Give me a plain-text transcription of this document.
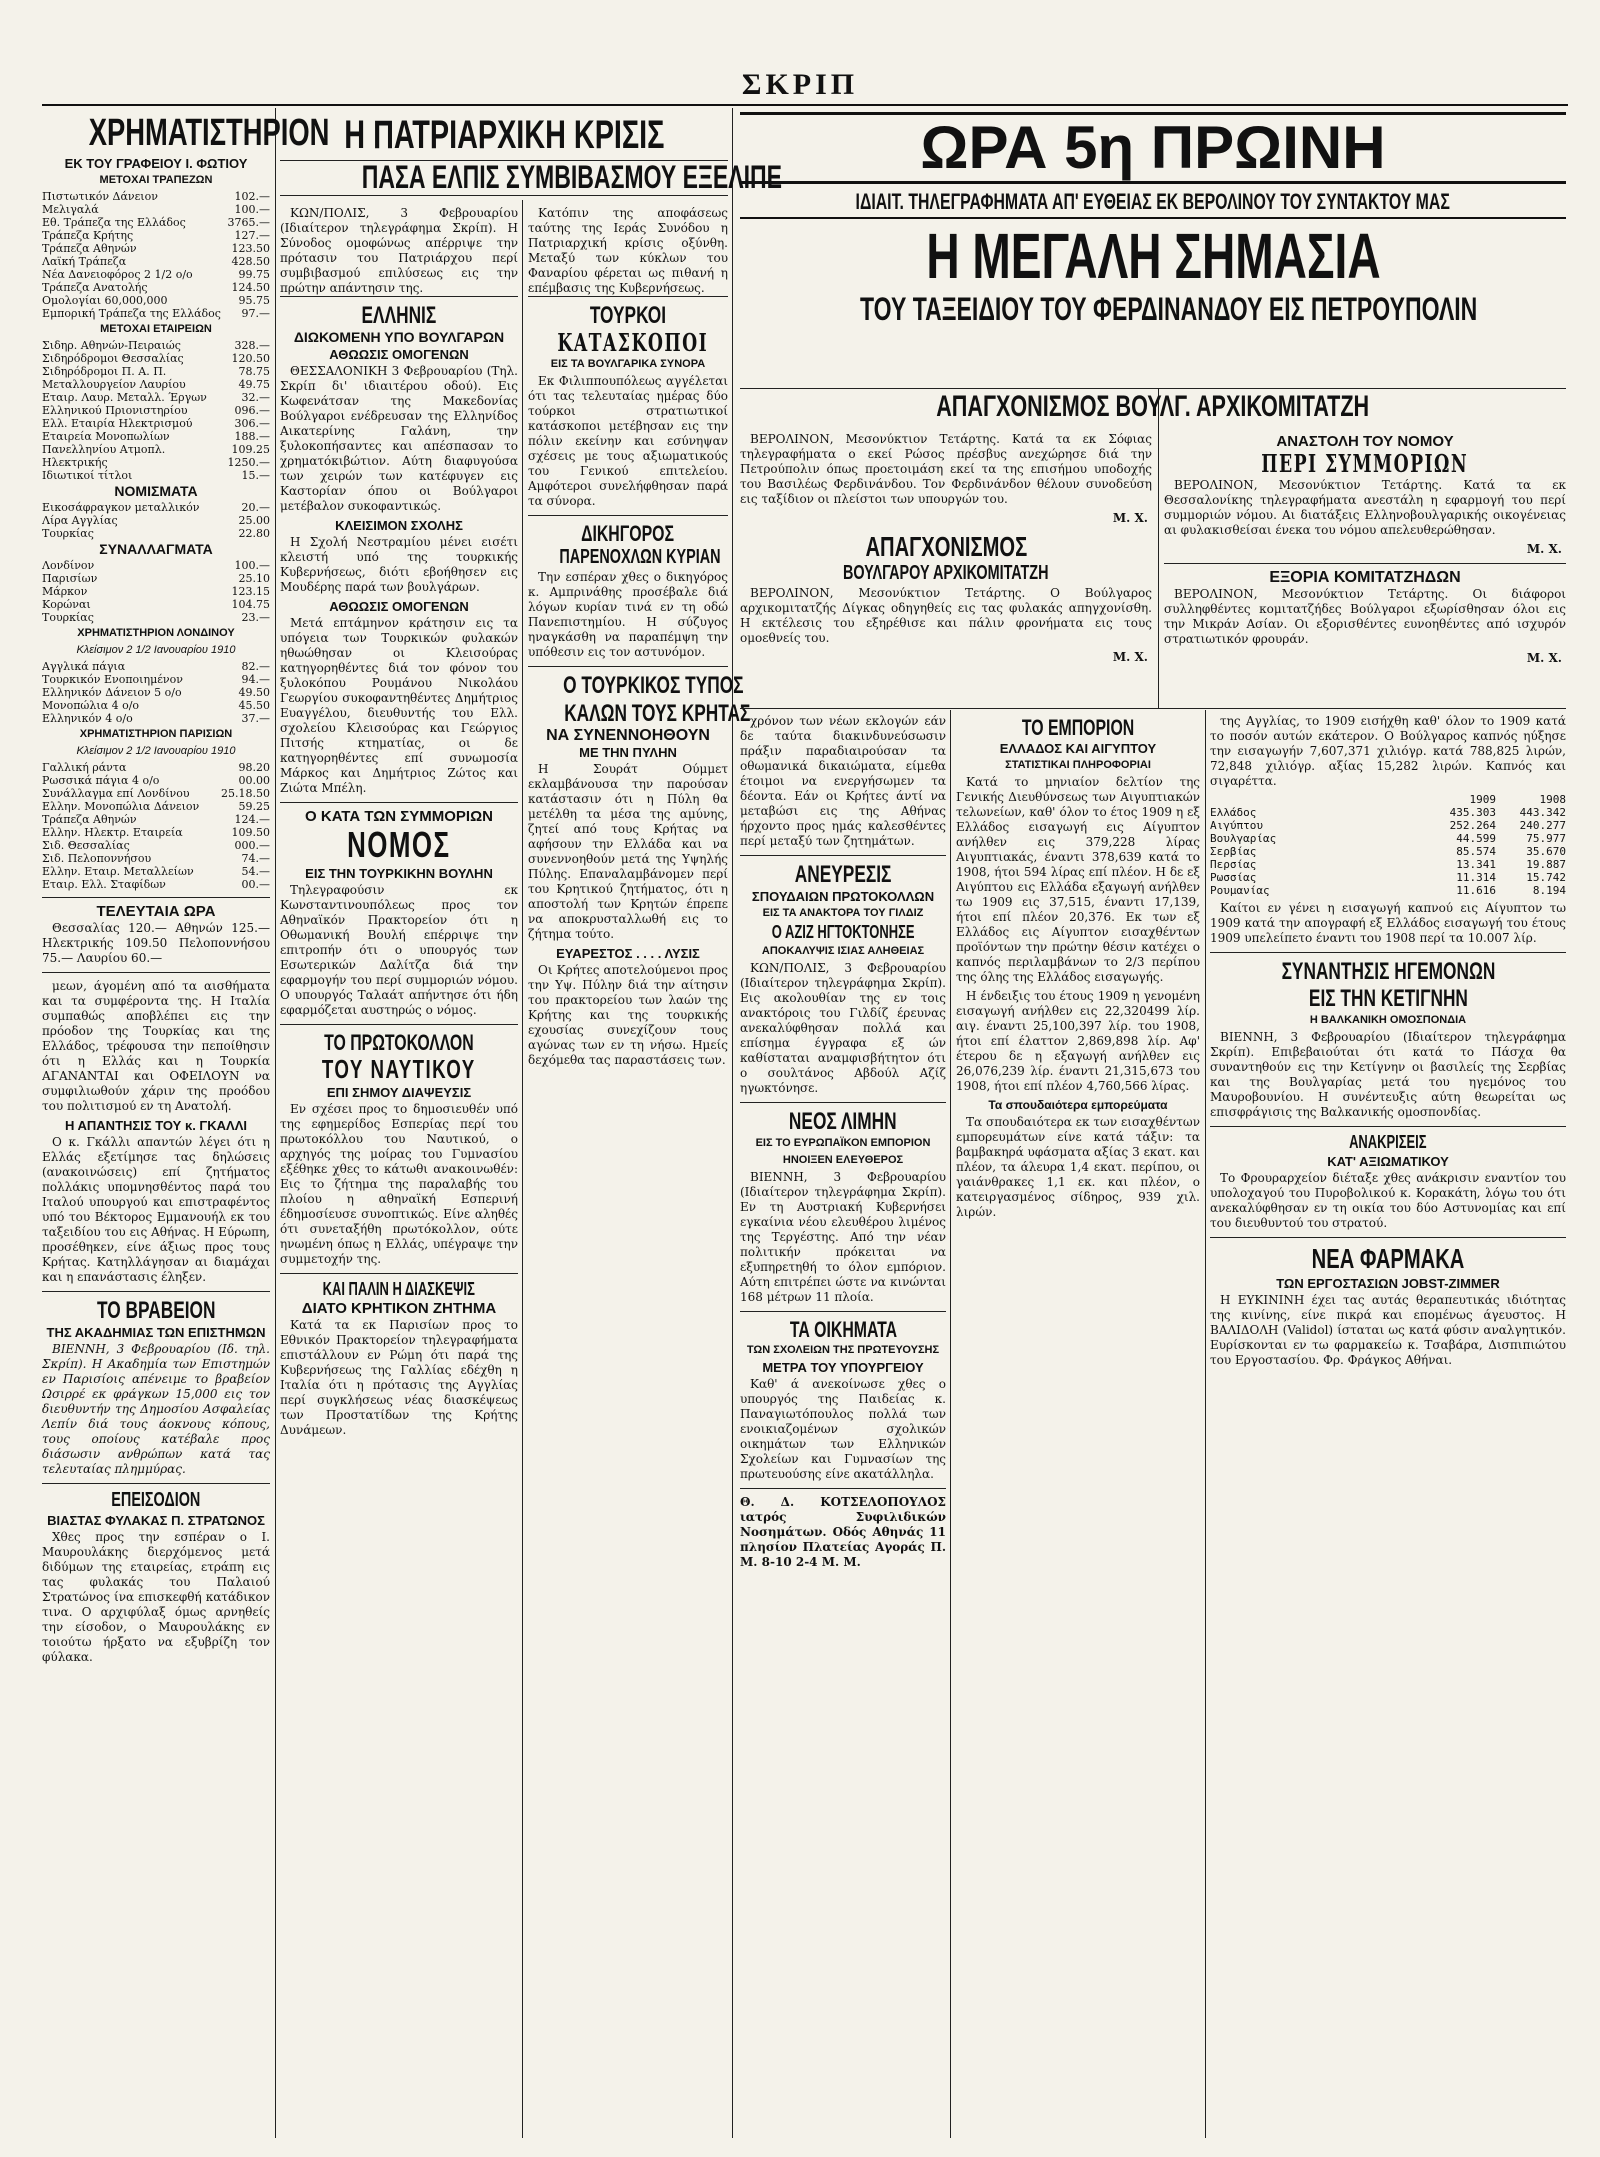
ΣΚΡΙΠ
ΧΡΗΜΑΤΙΣΤΗΡΙΟΝ
ΕΚ ΤΟΥ ΓΡΑΦΕΙΟΥ Ι. ΦΩΤΙΟΥ
ΜΕΤΟΧΑΙ ΤΡΑΠΕΖΩΝ
Πιστωτικόν Δάνειον	102.—
Μελιγαλά	100.—
Εθ. Τράπεζα της Ελλάδος	3765.—
Τράπεζα Κρήτης	127.—
Τράπεζα Αθηνών	123.50
Λαϊκή Τράπεζα	428.50
Νέα Δανειοφόρος 2 1/2 ο/ο	99.75
Τράπεζα Ανατολής	124.50
Ομολογίαι 60,000,000	95.75
Εμπορική Τράπεζα της Ελλάδος	97.—
ΜΕΤΟΧΑΙ ΕΤΑΙΡΕΙΩΝ
Σιδηρ. Αθηνών-Πειραιώς	328.—
Σιδηρόδρομοι Θεσσαλίας	120.50
Σιδηρόδρομοι Π. Α. Π.	78.75
Μεταλλουργείον Λαυρίου	49.75
Εταιρ. Λαυρ. Μεταλλ. Έργων	32.—
Ελληνικού Πριονιστηρίου	096.—
Ελλ. Εταιρία Ηλεκτρισμού	306.—
Εταιρεία Μονοπωλίων	188.—
Πανελληνίου Ατμοπλ.	109.25
Ηλεκτρικής	1250.—
Ιδιωτικοί τίτλοι	15.—
ΝΟΜΙΣΜΑΤΑ
Εικοσάφραγκον μεταλλικόν	20.—
Λίρα Αγγλίας	25.00
Τουρκίας	22.80
ΣΥΝΑΛΛΑΓΜΑΤΑ
Λονδίνον	100.—
Παρισίων	25.10
Μάρκον	123.15
Κορώναι	104.75
Τουρκίας	23.—
ΧΡΗΜΑΤΙΣΤΗΡΙΟΝ ΛΟΝΔΙΝΟΥ
Κλείσιμον 2 1/2 Ιανουαρίου 1910
Αγγλικά πάγια	82.—
Τουρκικόν Ενοποιημένον	94.—
Ελληνικόν Δάνειον 5 ο/ο	49.50
Μονοπώλια 4 ο/ο	45.50
Ελληνικόν 4 ο/ο	37.—
ΧΡΗΜΑΤΙΣΤΗΡΙΟΝ ΠΑΡΙΣΙΩΝ
Κλείσιμον 2 1/2 Ιανουαρίου 1910
Γαλλική ράντα	98.20
Ρωσσικά πάγια 4 ο/ο	00.00
Συνάλλαγμα επί Λονδίνου	25.18.50
Ελλην. Μονοπώλια Δάνειον	59.25
Τράπεζα Αθηνών	124.—
Ελλην. Ηλεκτρ. Εταιρεία	109.50
Σιδ. Θεσσαλίας	000.—
Σιδ. Πελοποννήσου	74.—
Ελλην. Εταιρ. Μεταλλείων	54.—
Εταιρ. Ελλ. Σταφίδων	00.—
ΤΕΛΕΥΤΑΙΑ ΩΡΑ

Θεσσαλίας 120.— Αθηνών 125.— Ηλεκτρικής 109.50 Πελοποννήσου 75.— Λαυρίου 60.—

μεων, άγομένη από τα αισθήματα και τα συμφέροντα της. Η Ιταλία συμπαθώς αποβλέπει εις την πρόοδον της Τουρκίας και της Ελλάδος, τρέφουσα την πεποίθησιν ότι η Ελλάς και η Τουρκία ΑΓΑΝΑΝΤΑΙ και ΟΦΕΙΛΟΥΝ να συμφιλιωθούν χάριν της προόδου του πολιτισμού εν τη Ανατολή.

Η ΑΠΑΝΤΗΣΙΣ ΤΟΥ κ. ΓΚΑΛΛΙ

Ο κ. Γκάλλι απαντών λέγει ότι η Ελλάς εξετίμησε τας δηλώσεις (ανακοινώσεις) επί ζητήματος πολλάκις υπομνησθέντος παρά του Ιταλού υπουργού και επιστραφέντος υπό του Βέκτορος Εμμανουήλ εκ του ταξειδίου του εις Αθήνας. Η Εύρωπη, προσέθηκεν, είνε άξιως προς τους Κρήτας. Κατηλλάγησαν αι διαμάχαι και η επανάστασις έληξεν.

ΤΟ ΒΡΑΒΕΙΟΝ
ΤΗΣ ΑΚΑΔΗΜΙΑΣ ΤΩΝ ΕΠΙΣΤΗΜΩΝ

ΒΙΕΝΝΗ, 3 Φεβρουαρίου (Ιδ. τηλ. Σκρίπ). Η Ακαδημία των Επιστημών εν Παρισίοις απένειμε το βραβείον Ωσιρρέ εκ φράγκων 15,000 εις τον διευθυντήν της Δημοσίου Ασφαλείας Λεπίν διά τους άοκνους κόπους, τους οποίους κατέβαλε προς διάσωσιν ανθρώπων κατά τας τελευταίας πλημμύρας.

ΕΠΕΙΣΟΔΙΟΝ
ΒΙΑΣΤΑΣ ΦΥΛΑΚΑΣ Π. ΣΤΡΑΤΩΝΟΣ

Χθες προς την εσπέραν ο Ι. Μαυρουλάκης διερχόμενος μετά διδύμων της εταιρείας, ετράπη εις τας φυλακάς του Παλαιού Στρατώνος ίνα επισκεφθή κατάδικον τινα. Ο αρχιφύλαξ όμως αρνηθείς την είσοδον, ο Μαυρουλάκης εν τοιούτω ήρξατο να εξυβρίζη τον φύλακα.

Η ΠΑΤΡΙΑΡΧΙΚΗ ΚΡΙΣΙΣ
ΠΑΣΑ ΕΛΠΙΣ ΣΥΜΒΙΒΑΣΜΟΥ ΕΞΕΛΙΠΕ

ΚΩΝ/ΠΟΛΙΣ, 3 Φεβρουαρίου (Ιδιαίτερον τηλεγράφημα Σκρίπ). Η Σύνοδος ομοφώνως απέρριψε την πρότασιν του Πατριάρχου περί συμβιβασμού επιλύσεως εις την πρώτην απάντησιν της.

Κατόπιν της αποφάσεως ταύτης της Ιεράς Συνόδου η Πατριαρχική κρίσις οξύνθη. Μεταξύ των κύκλων του Φαναρίου φέρεται ως πιθανή η επέμβασις της Κυβερνήσεως.

ΕΛΛΗΝΙΣ
ΔΙΩΚΟΜΕΝΗ ΥΠΟ ΒΟΥΛΓΑΡΩΝ
ΑΘΩΩΣΙΣ ΟΜΟΓΕΝΩΝ

ΘΕΣΣΑΛΟΝΙΚΗ 3 Φεβρουαρίου (Τηλ. Σκρίπ δι' ιδιαιτέρου οδού). Εις Κωφενάτσαν της Μακεδονίας Βούλγαροι ενέδρευσαν της Ελληνίδος Αικατερίνης Γαλάνη, την ξυλοκοπήσαντες και απέσπασαν το χρηματόκιβώτιον. Αύτη διαφυγούσα των χειρών των κατέφυγεν εις Καστορίαν όπου οι Βούλγαροι μετέβαλον συκοφαντικώς.

ΚΛΕΙΣΙΜΟΝ ΣΧΟΛΗΣ

Η Σχολή Νεστραμίου μένει εισέτι κλειστή υπό της τουρκικής Κυβερνήσεως, διότι εβοήθησεν εις Μουδέρης παρά των βουλγάρων.

ΑΘΩΩΣΙΣ ΟΜΟΓΕΝΩΝ

Μετά επτάμηνον κράτησιν εις τα υπόγεια των Τουρκικών φυλακών ηθωώθησαν οι Κλεισούρας κατηγορηθέντες διά τον φόνον του ξυλοκόπου Ρουμάνου Νικολάου Γεωργίου συκοφαντηθέντες Δημήτριος Ευαγγέλου, διευθυντής του Ελλ. σχολείου Κλεισούρας και Γεώργιος Πιτσής κτηματίας, οι δε κατηγορηθέντες επί συνωμοσία Μάρκος και Δημήτριος Ζώτος και Ζιώτα Μπέλη.

Ο ΚΑΤΑ ΤΩΝ ΣΥΜΜΟΡΙΩΝ
ΝΟΜΟΣ
ΕΙΣ ΤΗΝ ΤΟΥΡΚΙΚΗΝ ΒΟΥΛΗΝ

Τηλεγραφούσιν εκ Κωνσταντινουπόλεως προς τον Αθηναϊκόν Πρακτορείον ότι η Οθωμανική Βουλή επέρριψε την επιτροπήν ότι ο υπουργός των Εσωτερικών Δαλίτζα διά την εφαρμογήν του περί συμμοριών νόμου. Ο υπουργός Ταλαάτ απήντησε ότι ήδη εφαρμόζεται αυστηρώς ο νόμος.

ΤΟ ΠΡΩΤΟΚΟΛΛΟΝ
ΤΟΥ ΝΑΥΤΙΚΟΥ
ΕΠΙ ΣΗΜΟΥ ΔΙΑΨΕΥΣΙΣ

Εν σχέσει προς το δημοσιευθέν υπό της εφημερίδος Εσπερίας περί του πρωτοκόλλου του Ναυτικού, ο αρχηγός της μοίρας του Γυμνασίου εξέθηκε χθες το κάτωθι ανακοινωθέν: Εις το ζήτημα της παραλαβής του πλοίου η αθηναϊκή Εσπερινή έδημοσίευσε συνοπτικώς. Είνε αληθές ότι συνεταξήθη πρωτόκολλον, ούτε ηνωμένη όπως η Ελλάς, υπέγραψε την συμμετοχήν της.

ΚΑΙ ΠΑΛΙΝ Η ΔΙΑΣΚΕΨΙΣ
ΔΙΑΤΟ ΚΡΗΤΙΚΟΝ ΖΗΤΗΜΑ

Κατά τα εκ Παρισίων προς το Εθνικόν Πρακτορείον τηλεγραφήματα επιστάλλουν εν Ρώμη ότι παρά της Κυβερνήσεως της Γαλλίας εδέχθη η Ιταλία ότι η πρότασις της Αγγλίας περί συγκλήσεως νέας διασκέψεως των Προστατίδων της Κρήτης Δυνάμεων.

ΤΟΥΡΚΟΙ
ΚΑΤΑΣΚΟΠΟΙ
ΕΙΣ ΤΑ ΒΟΥΛΓΑΡΙΚΑ ΣΥΝΟΡΑ

Εκ Φιλιππουπόλεως αγγέλεται ότι τας τελευταίας ημέρας δύο τούρκοι στρατιωτικοί κατάσκοποι μετέβησαν εις την πόλιν εκείνην και εσύνηψαν σχέσεις με τους αξιωματικούς του Γενικού επιτελείου. Αμφότεροι συνελήφθησαν παρά τα σύνορα.

ΔΙΚΗΓΟΡΟΣ
ΠΑΡΕΝΟΧΛΩΝ ΚΥΡΙΑΝ

Την εσπέραν χθες ο δικηγόρος κ. Αμπρινάθης προσέβαλε διά λόγων κυρίαν τινά εν τη οδώ Πανεπιστημίου. Η σύζυγος ηναγκάσθη να παραπέμψη την υπόθεσιν εις τον αστυνόμον.

Ο ΤΟΥΡΚΙΚΟΣ ΤΥΠΟΣ
ΚΑΛΩΝ ΤΟΥΣ ΚΡΗΤΑΣ
ΝΑ ΣΥΝΕΝΝΟΗΘΟΥΝ
ΜΕ ΤΗΝ ΠΥΛΗΝ

Η Σουράτ Ούμμετ εκλαμβάνουσα την παρούσαν κατάστασιν ότι η Πύλη θα μετέλθη τα μέσα της αμύνης, ζητεί από τους Κρήτας να αφήσουν την Ελλάδα και να συνεννοηθούν μετά της Υψηλής Πύλης. Επαναλαμβάνομεν περί του Κρητικού ζητήματος, ότι η αποστολή των Κρητών έπρεπε να αποκρυσταλλωθή εις το ζήτημα τούτο.

ΕΥΑΡΕΣΤΟΣ . . . . ΛΥΣΙΣ

Οι Κρήτες αποτελούμενοι προς την Υψ. Πύλην διά την αίτησιν του πρακτορείου των λαών της Κρήτης και της τουρκικής εχουσίας συνεχίζουν τους αγώνας των εν τη νήσω. Ημείς δεχόμεθα τας παραστάσεις των.

ΩΡΑ 5η ΠΡΩΙΝΗ
ΙΔΙΑΙΤ. ΤΗΛΕΓΡΑΦΗΜΑΤΑ ΑΠ' ΕΥΘΕΙΑΣ ΕΚ ΒΕΡΟΛΙΝΟΥ ΤΟΥ ΣΥΝΤΑΚΤΟΥ ΜΑΣ
Η ΜΕΓΑΛΗ ΣΗΜΑΣΙΑ
ΤΟΥ ΤΑΞΕΙΔΙΟΥ ΤΟΥ ΦΕΡΔΙΝΑΝΔΟΥ ΕΙΣ ΠΕΤΡΟΥΠΟΛΙΝ
ΑΠΑΓΧΟΝΙΣΜΟΣ ΒΟΥΛΓ. ΑΡΧΙΚΟΜΙΤΑΤΖΗ

ΒΕΡΟΛΙΝΟΝ, Μεσονύκτιον Τετάρτης. Κατά τα εκ Σόφιας τηλεγραφήματα ο εκεί Ρώσος πρέσβυς ανεχώρησε διά την Πετρούπολιν όπως προετοιμάση εκεί τα της επισήμου υποδοχής του Βασιλέως Φερδινάνδου. Τον Φερδινάνδον θέλουν συνοδεύση εις ταξίδιον οι πλείστοι των υπουργών του.

Μ. Χ.
ΑΠΑΓΧΟΝΙΣΜΟΣ
ΒΟΥΛΓΑΡΟΥ ΑΡΧΙΚΟΜΙΤΑΤΖΗ

ΒΕΡΟΛΙΝΟΝ, Μεσονύκτιον Τετάρτης. Ο Βούλγαρος αρχικομιτατζής Δίγκας οδηγηθείς εις τας φυλακάς απηγχονίσθη. Η εκτέλεσις του εξηρέθισε και πάλιν φρονήματα εις τους ομοεθνείς του.

Μ. Χ.
ΑΝΑΣΤΟΛΗ ΤΟΥ ΝΟΜΟΥ
ΠΕΡΙ ΣΥΜΜΟΡΙΩΝ

ΒΕΡΟΛΙΝΟΝ, Μεσονύκτιον Τετάρτης. Κατά τα εκ Θεσσαλονίκης τηλεγραφήματα ανεστάλη η εφαρμογή του περί συμμοριών νόμου. Αι διατάξεις Ελληνοβουλγαρικής οικογένειας αι φυλακισθείσαι ένεκα του νόμου απελευθερώθησαν.

Μ. Χ.
ΕΞΟΡΙΑ ΚΟΜΙΤΑΤΖΗΔΩΝ

ΒΕΡΟΛΙΝΟΝ, Μεσονύκτιον Τετάρτης. Οι διάφοροι συλληφθέντες κομιτατζήδες Βούλγαροι εξωρίσθησαν όλοι εις την Μικράν Ασίαν. Οι εξορισθέντες ευνοηθέντες από ισχυρόν στρατιωτικόν φρουράν.

Μ. Χ.

χρόνον των νέων εκλογών εάν δε ταύτα διακινδυνεύσωσιν πράξιν παραδιαιρούσαν τα οθωμανικά δικαιώματα, είμεθα έτοιμοι να ενεργήσωμεν τα δέοντα. Εάν οι Κρήτες άντί να μεταβώσι εις της Αθήνας ήρχοντο προς ημάς καλεσθέντες περί μεταξύ των ζητημάτων.

ΑΝΕΥΡΕΣΙΣ
ΣΠΟΥΔΑΙΩΝ ΠΡΩΤΟΚΟΛΛΩΝ
ΕΙΣ ΤΑ ΑΝΑΚΤΟΡΑ ΤΟΥ ΓΙΛΔΙΖ
Ο ΑΖΙΖ ΗΓΤΟΚΤΟΝΗΣΕ
ΑΠΟΚΑΛΥΨΙΣ ΙΣΙΑΣ ΑΛΗΘΕΙΑΣ

ΚΩΝ/ΠΟΛΙΣ, 3 Φεβρουαρίου (Ιδιαίτερον τηλεγράφημα Σκρίπ). Εις ακολουθίαν της εν τοις ανακτόροις του Γιλδίζ έρευνας ανεκαλύφθησαν πολλά και επίσημα έγγραφα εξ ών καθίσταται αναμφισβήτητον ότι ο σουλτάνος Αβδούλ Αζίζ ηγωκτόνησε.

ΝΕΟΣ ΛΙΜΗΝ
ΕΙΣ ΤΟ ΕΥΡΩΠΑΪΚΟΝ ΕΜΠΟΡΙΟΝ
ΗΝΟΙΞΕΝ ΕΛΕΥΘΕΡΟΣ

ΒΙΕΝΝΗ, 3 Φεβρουαρίου (Ιδιαίτερον τηλεγράφημα Σκρίπ). Εν τη Αυστριακή Κυβερνήσει εγκαίνια νέου ελευθέρου λιμένος της Τεργέστης. Από την νέαν πολιτικήν πρόκειται να εξυπηρετηθή το όλον εμπόριον. Αύτη επιτρέπει ώστε να κινώνται 168 μέτρων 11 πλοία.

ΤΑ ΟΙΚΗΜΑΤΑ
ΤΩΝ ΣΧΟΛΕΙΩΝ ΤΗΣ ΠΡΩΤΕΥΟΥΣΗΣ
ΜΕΤΡΑ ΤΟΥ ΥΠΟΥΡΓΕΙΟΥ

Καθ' ά ανεκοίνωσε χθες ο υπουργός της Παιδείας κ. Παναγιωτόπουλος πολλά των ενοικιαζομένων σχολικών οικημάτων των Ελληνικών Σχολείων και Γυμνασίων της πρωτευούσης είνε ακατάλληλα.

Θ. Δ. ΚΟΤΣΕΛΟΠΟΥΛΟΣ ιατρός Συφιλιδικών Νοσημάτων. Οδός Αθηνάς 11 πλησίον Πλατείας Αγοράς Π. Μ. 8-10 2-4 Μ. Μ.

ΤΟ ΕΜΠΟΡΙΟΝ
ΕΛΛΑΔΟΣ ΚΑΙ ΑΙΓΥΠΤΟΥ
ΣΤΑΤΙΣΤΙΚΑΙ ΠΛΗΡΟΦΟΡΙΑΙ

Κατά το μηνιαίον δελτίον της Γενικής Διευθύνσεως των Αιγυπτιακών τελωνείων, καθ' όλον το έτος 1909 η εξ Ελλάδος εισαγωγή εις Αίγυπτον ανήλθεν εις 379,228 λίρας Αιγυπτιακάς, έναντι 378,639 κατά το 1908, ήτοι 594 λίρας επί πλέον. Η δε εξ Αιγύπτου εις Ελλάδα εξαγωγή ανήλθεν τω 1909 εις 37,515, έναντι 17,139, ήτοι επί πλέον 20,376. Εκ των εξ Ελλάδος εις Αίγυπτον εισαχθέντων προϊόντων την πρώτην θέσιν κατέχει ο καπνός περιλαμβάνων το 2/3 περίπου της όλης της Ελλάδος εισαγωγής.

Η ένδειξις του έτους 1909 η γενομένη εισαγωγή ανήλθεν εις 22,320499 λίρ. αιγ. έναντι 25,100,397 λίρ. του 1908, ήτοι επί έλαττον 2,869,898 λίρ. Αφ' έτερου δε η εξαγωγή ανήλθεν εις 26,076,239 λίρ. έναντι 21,315,673 του 1908, ήτοι επί πλέον 4,760,566 λίρας.

Τα σπουδαιότερα εμπορεύματα

Τα σπουδαιότερα εκ των εισαχθέντων εμπορευμάτων είνε κατά τάξιν: τα βαμβακηρά υφάσματα αξίας 3 εκατ. και πλέον, τα άλευρα 1,4 εκατ. περίπου, οι γαιάνθρακες 1,1 εκ. και πλέον, ο κατειργασμένος σίδηρος, 939 χιλ. λιρών.

της Αγγλίας, το 1909 εισήχθη καθ' όλον το 1909 κατά το ποσόν αυτών εκάτερον. Ο Βούλγαρος καπνός ηύξησε την εισαγωγήν 7,607,371 χιλιόγρ. κατά 788,825 λιρών, 72,848 χιλιόγρ. αξίας 15,282 λιρών. Καπνός και σιγαρέττα.

	1909	1908
Ελλάδος	435.303	443.342
Αιγύπτου	252.264	240.277
Βουλγαρίας	44.599	75.977
Σερβίας	85.574	35.670
Περσίας	13.341	19.887
Ρωσσίας	11.314	15.742
Ρουμανίας	11.616	8.194

Καίτοι εν γένει η εισαγωγή καπνού εις Αίγυπτον τω 1909 κατά την απογραφή εξ Ελλάδος εισαγωγή του έτους 1909 υπελείπετο έναντι του 1908 περί τα 10.007 λίρ.

ΣΥΝΑΝΤΗΣΙΣ ΗΓΕΜΟΝΩΝ
ΕΙΣ ΤΗΝ ΚΕΤΙΓΝΗΝ
Η ΒΑΛΚΑΝΙΚΗ ΟΜΟΣΠΟΝΔΙΑ

ΒΙΕΝΝΗ, 3 Φεβρουαρίου (Ιδιαίτερον τηλεγράφημα Σκρίπ). Επιβεβαιούται ότι κατά το Πάσχα θα συναντηθούν εις την Κετίγνην οι βασιλείς της Σερβίας και της Βουλγαρίας μετά του ηγεμόνος του Μαυροβουνίου. Η συνέντευξις αύτη θεωρείται ως επισφράγισις της Βαλκανικής ομοσπονδίας.

ΑΝΑΚΡΙΣΕΙΣ
ΚΑΤ' ΑΞΙΩΜΑΤΙΚΟΥ

Το Φρουραρχείον διέταξε χθες ανάκρισιν εναντίον του υπολοχαγού του Πυροβολικού κ. Κορακάτη, λόγω του ότι ανεκαλύφθησαν εν τη οικία του δύο Αστυνομίας και επί του διευθυντού του στρατού.

ΝΕΑ ΦΑΡΜΑΚΑ
ΤΩΝ ΕΡΓΟΣΤΑΣΙΩΝ JOBST-ZIMMER

Η ΕΥΚΙΝΙΝΗ έχει τας αυτάς θεραπευτικάς ιδιότητας της κινίνης, είνε πικρά και επομένως άγευστος. Η ΒΑΛΙΔΟΛΗ (Validol) ίσταται ως κατά φύσιν αναλγητικόν. Ευρίσκονται εν τω φαρμακείω κ. Τσαβάρα, Δισπιπιώτου του Εργοστασίου. Φρ. Φράγκος Αθήναι.
